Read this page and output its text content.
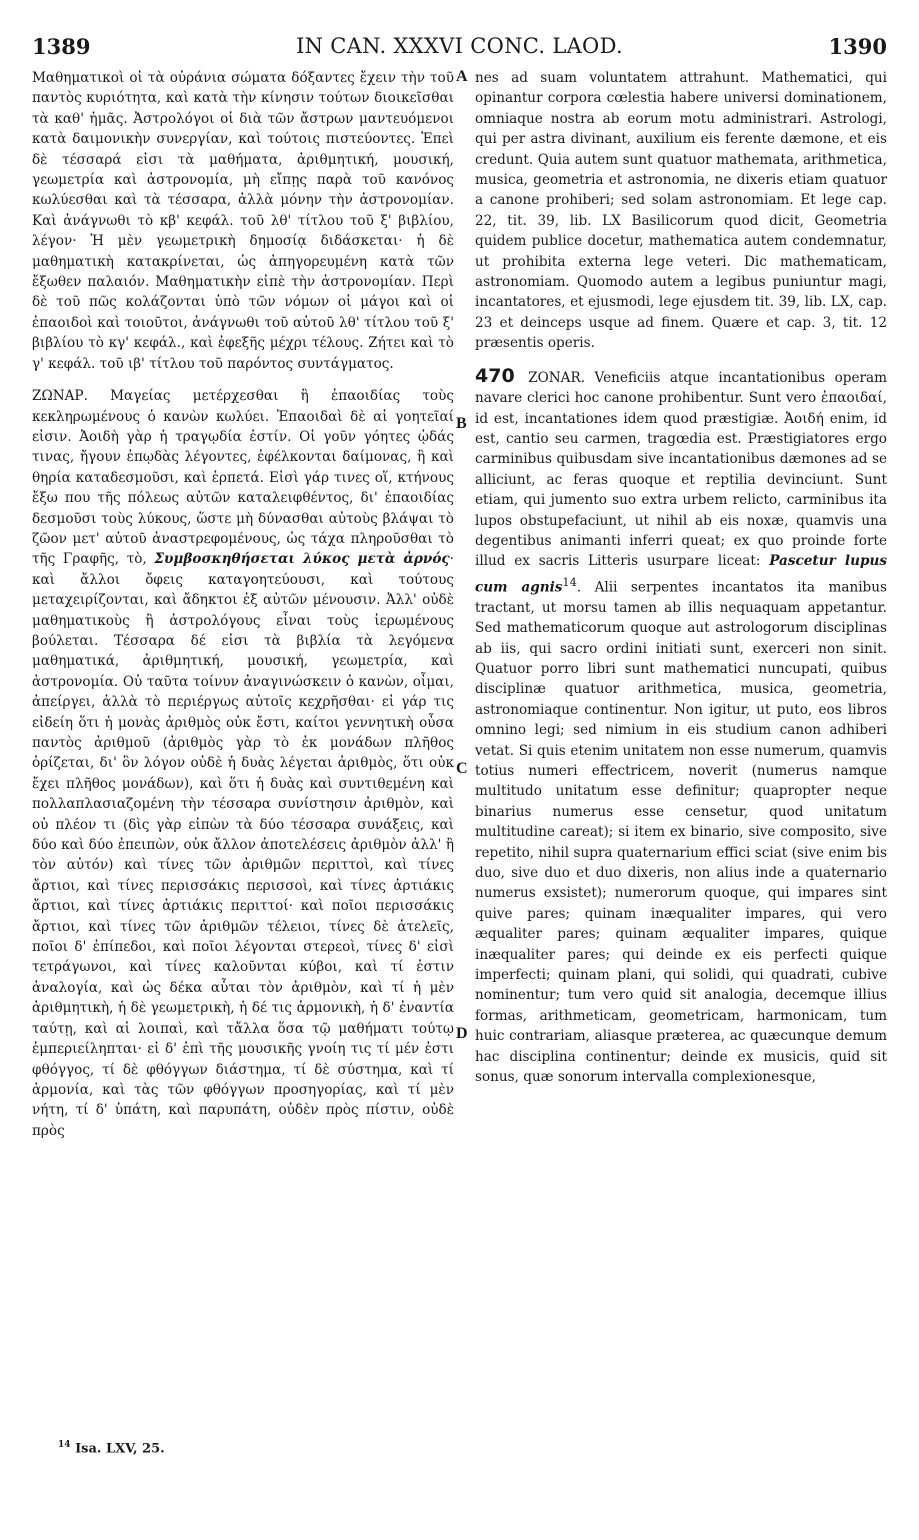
1389	IN CAN. XXXVI CONC. LAOD.	1390
A
B
C
D

Μαθηματικοὶ οἱ τὰ οὐράνια σώματα δόξαντες ἔχειν τὴν τοῦ παντὸς κυριότητα, καὶ κατὰ τὴν κίνησιν τούτων διοικεῖσθαι τὰ καθ' ἡμᾶς. Ἀστρολόγοι οἱ διὰ τῶν ἄστρων μαντευόμενοι κατὰ δαιμονικὴν συνεργίαν, καὶ τούτοις πιστεύοντες. Ἐπεὶ δὲ τέσσαρά εἰσι τὰ μαθήματα, ἀριθμητική, μουσική, γεωμετρία καὶ ἀστρονομία, μὴ εἴπῃς παρὰ τοῦ κανόνος κωλύεσθαι καὶ τὰ τέσσαρα, ἀλλὰ μόνην τὴν ἀστρονομίαν. Καὶ ἀνάγνωθι τὸ κβ' κεφάλ. τοῦ λθ' τίτλου τοῦ ξ' βιβλίου, λέγον· Ἡ μὲν γεωμετρικὴ δημοσίᾳ διδάσκεται· ἡ δὲ μαθηματικὴ κατακρίνεται, ὡς ἀπηγορευμένη κατὰ τῶν ἔξωθεν παλαιόν. Μαθηματικὴν εἰπὲ τὴν ἀστρονομίαν. Περὶ δὲ τοῦ πῶς κολάζονται ὑπὸ τῶν νόμων οἱ μάγοι καὶ οἱ ἐπαοιδοὶ καὶ τοιοῦτοι, ἀνάγνωθι τοῦ αὐτοῦ λθ' τίτλου τοῦ ξ' βιβλίου τὸ κγ' κεφάλ., καὶ ἐφεξῆς μέχρι τέλους. Ζήτει καὶ τὸ γ' κεφάλ. τοῦ ιβ' τίτλου τοῦ παρόντος συντάγματος.

ΖΩΝΑΡ. Μαγείας μετέρχεσθαι ἢ ἐπαοιδίας τοὺς κεκληρωμένους ὁ κανὼν κωλύει. Ἐπαοιδαὶ δὲ αἱ γοητεῖαί εἰσιν. Ἀοιδὴ γὰρ ἡ τραγῳδία ἐστίν. Οἱ γοῦν γόητες ᾠδάς τινας, ἤγουν ἐπῳδὰς λέγοντες, ἐφέλκονται δαίμονας, ἢ καὶ θηρία καταδεσμοῦσι, καὶ ἑρπετά. Εἰσὶ γάρ τινες οἵ, κτήνους ἔξω που τῆς πόλεως αὐτῶν καταλειφθέντος, δι' ἐπαοιδίας δεσμοῦσι τοὺς λύκους, ὥστε μὴ δύνασθαι αὐτοὺς βλάψαι τὸ ζῶον μετ' αὐτοῦ ἀναστρεφομένους, ὡς τάχα πληροῦσθαι τὸ τῆς Γραφῆς, τὸ, Συμβοσκηθήσεται λύκος μετὰ ἀρνός· καὶ ἄλλοι ὄφεις καταγοητεύουσι, καὶ τούτους μεταχειρίζονται, καὶ ἄδηκτοι ἐξ αὐτῶν μένουσιν. Ἀλλ' οὐδὲ μαθηματικοὺς ἢ ἀστρολόγους εἶναι τοὺς ἱερωμένους βούλεται. Τέσσαρα δέ εἰσι τὰ βιβλία τὰ λεγόμενα μαθηματικά, ἀριθμητική, μουσική, γεωμετρία, καὶ ἀστρονομία. Οὐ ταῦτα τοίνυν ἀναγινώσκειν ὁ κανὼν, οἶμαι, ἀπείργει, ἀλλὰ τὸ περιέργως αὐτοῖς κεχρῆσθαι· εἰ γάρ τις εἰδείη ὅτι ἡ μονὰς ἀριθμὸς οὐκ ἔστι, καίτοι γεννητικὴ οὖσα παντὸς ἀριθμοῦ (ἀριθμὸς γὰρ τὸ ἐκ μονάδων πλῆθος ὁρίζεται, δι' ὃν λόγον οὐδὲ ἡ δυὰς λέγεται ἀριθμὸς, ὅτι οὐκ ἔχει πλῆθος μονάδων), καὶ ὅτι ἡ δυὰς καὶ συντιθεμένη καὶ πολλαπλασιαζομένη τὴν τέσσαρα συνίστησιν ἀριθμὸν, καὶ οὐ πλέον τι (δὶς γὰρ εἰπὼν τὰ δύο τέσσαρα συνάξεις, καὶ δύο καὶ δύο ἐπειπὼν, οὐκ ἄλλον ἀποτελέσεις ἀριθμὸν ἀλλ' ἢ τὸν αὐτόν) καὶ τίνες τῶν ἀριθμῶν περιττοὶ, καὶ τίνες ἄρτιοι, καὶ τίνες περισσάκις περισσοὶ, καὶ τίνες ἀρτιάκις ἄρτιοι, καὶ τίνες ἀρτιάκις περιττοί· καὶ ποῖοι περισσάκις ἄρτιοι, καὶ τίνες τῶν ἀριθμῶν τέλειοι, τίνες δὲ ἀτελεῖς, ποῖοι δ' ἐπίπεδοι, καὶ ποῖοι λέγονται στερεοὶ, τίνες δ' εἰσὶ τετράγωνοι, καὶ τίνες καλοῦνται κύβοι, καὶ τί ἐστιν ἀναλογία, καὶ ὡς δέκα αὗται τὸν ἀριθμὸν, καὶ τί ἡ μὲν ἀριθμητικὴ, ἡ δὲ γεωμετρικὴ, ἡ δέ τις ἁρμονικὴ, ἡ δ' ἐναντία ταύτῃ, καὶ αἱ λοιπαὶ, καὶ τἄλλα ὅσα τῷ μαθήματι τούτῳ ἐμπεριείληπται· εἰ δ' ἐπὶ τῆς μουσικῆς γνοίη τις τί μέν ἐστι φθόγγος, τί δὲ φθόγγων διάστημα, τί δὲ σύστημα, καὶ τί ἁρμονία, καὶ τὰς τῶν φθόγγων προσηγορίας, καὶ τί μὲν νήτη, τί δ' ὑπάτη, καὶ παρυπάτη, οὐδὲν πρὸς πίστιν, οὐδὲ πρὸς

nes ad suam voluntatem attrahunt. Mathematici, qui opinantur corpora cœlestia habere universi dominationem, omniaque nostra ab eorum motu administrari. Astrologi, qui per astra divinant, auxilium eis ferente dæmone, et eis credunt. Quia autem sunt quatuor mathemata, arithmetica, musica, geometria et astronomia, ne dixeris etiam quatuor a canone prohiberi; sed solam astronomiam. Et lege cap. 22, tit. 39, lib. LX Basilicorum quod dicit, Geometria quidem publice docetur, mathematica autem condemnatur, ut prohibita externa lege veteri. Dic mathematicam, astronomiam. Quomodo autem a legibus puniuntur magi, incantatores, et ejusmodi, lege ejusdem tit. 39, lib. LX, cap. 23 et deinceps usque ad finem. Quære et cap. 3, tit. 12 præsentis operis.

470 ZONAR. Veneficiis atque incantationibus operam navare clerici hoc canone prohibentur. Sunt vero ἐπαοιδαί, id est, incantationes idem quod præstigiæ. Ἀοιδή enim, id est, cantio seu carmen, tragœdia est. Præstigiatores ergo carminibus quibusdam sive incantationibus dæmones ad se alliciunt, ac feras quoque et reptilia devinciunt. Sunt etiam, qui jumento suo extra urbem relicto, carminibus ita lupos obstupefaciunt, ut nihil ab eis noxæ, quamvis una degentibus animanti inferri queat; ex quo proinde forte illud ex sacris Litteris usurpare liceat: Pascetur lupus cum agnis$^{14}$. Alii serpentes incantatos ita manibus tractant, ut morsu tamen ab illis nequaquam appetantur. Sed mathematicorum quoque aut astrologorum disciplinas ab iis, qui sacro ordini initiati sunt, exerceri non sinit. Quatuor porro libri sunt mathematici nuncupati, quibus disciplinæ quatuor arithmetica, musica, geometria, astronomiaque continentur. Non igitur, ut puto, eos libros omnino legi; sed nimium in eis studium canon adhiberi vetat. Si quis etenim unitatem non esse numerum, quamvis totius numeri effectricem, noverit (numerus namque multitudo unitatum esse definitur; quapropter neque binarius numerus esse censetur, quod unitatum multitudine careat); si item ex binario, sive composito, sive repetito, nihil supra quaternarium effici sciat (sive enim bis duo, sive duo et duo dixeris, non alius inde a quaternario numerus exsistet); numerorum quoque, qui impares sint quive pares; quinam inæqualiter impares, qui vero æqualiter pares; quinam æqualiter impares, quique inæqualiter pares; qui deinde ex eis perfecti quique imperfecti; quinam plani, qui solidi, qui quadrati, cubive nominentur; tum vero quid sit analogia, decemque illius formas, arithmeticam, geometricam, harmonicam, tum huic contrariam, aliasque præterea, ac quæcunque demum hac disciplina continentur; deinde ex musicis, quid sit sonus, quæ sonorum intervalla complexionesque,

$^{14}$ Isa. LXV, 25.
